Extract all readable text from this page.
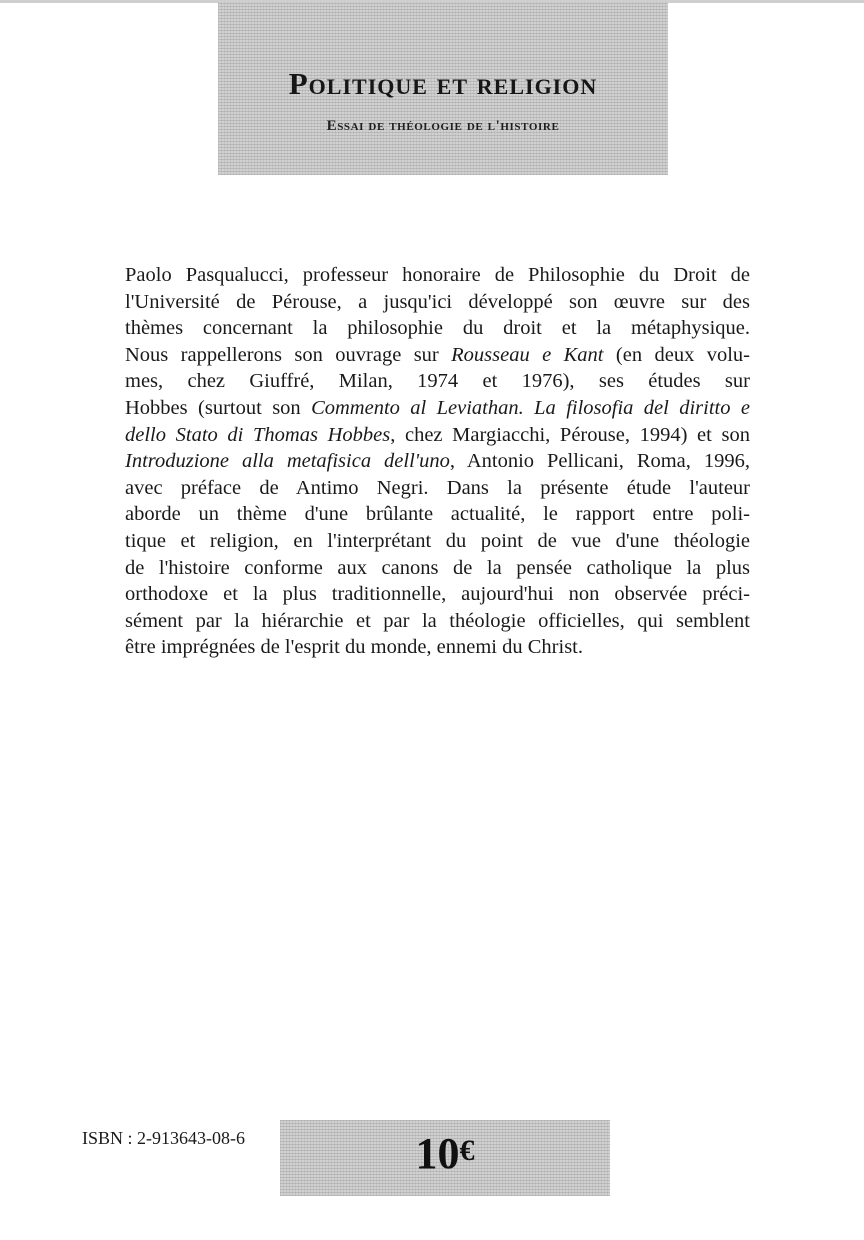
Politique et religion
Essai de théologie de l'histoire
Paolo Pasqualucci, professeur honoraire de Philosophie du Droit de
l'Université de Pérouse, a jusqu'ici développé son œuvre sur des
thèmes concernant la philosophie du droit et la métaphysique.
Nous rappellerons son ouvrage sur Rousseau e Kant (en deux volu-
mes, chez Giuffré, Milan, 1974 et 1976), ses études sur
Hobbes (surtout son Commento al Leviathan. La filosofia del diritto e
dello Stato di Thomas Hobbes, chez Margiacchi, Pérouse, 1994) et son
Introduzione alla metafisica dell'uno, Antonio Pellicani, Roma, 1996,
avec préface de Antimo Negri. Dans la présente étude l'auteur
aborde un thème d'une brûlante actualité, le rapport entre poli-
tique et religion, en l'interprétant du point de vue d'une théologie
de l'histoire conforme aux canons de la pensée catholique la plus
orthodoxe et la plus traditionnelle, aujourd'hui non observée préci-
sément par la hiérarchie et par la théologie officielles, qui semblent
être imprégnées de l'esprit du monde, ennemi du Christ.
ISBN : 2-913643-08-6	10€
